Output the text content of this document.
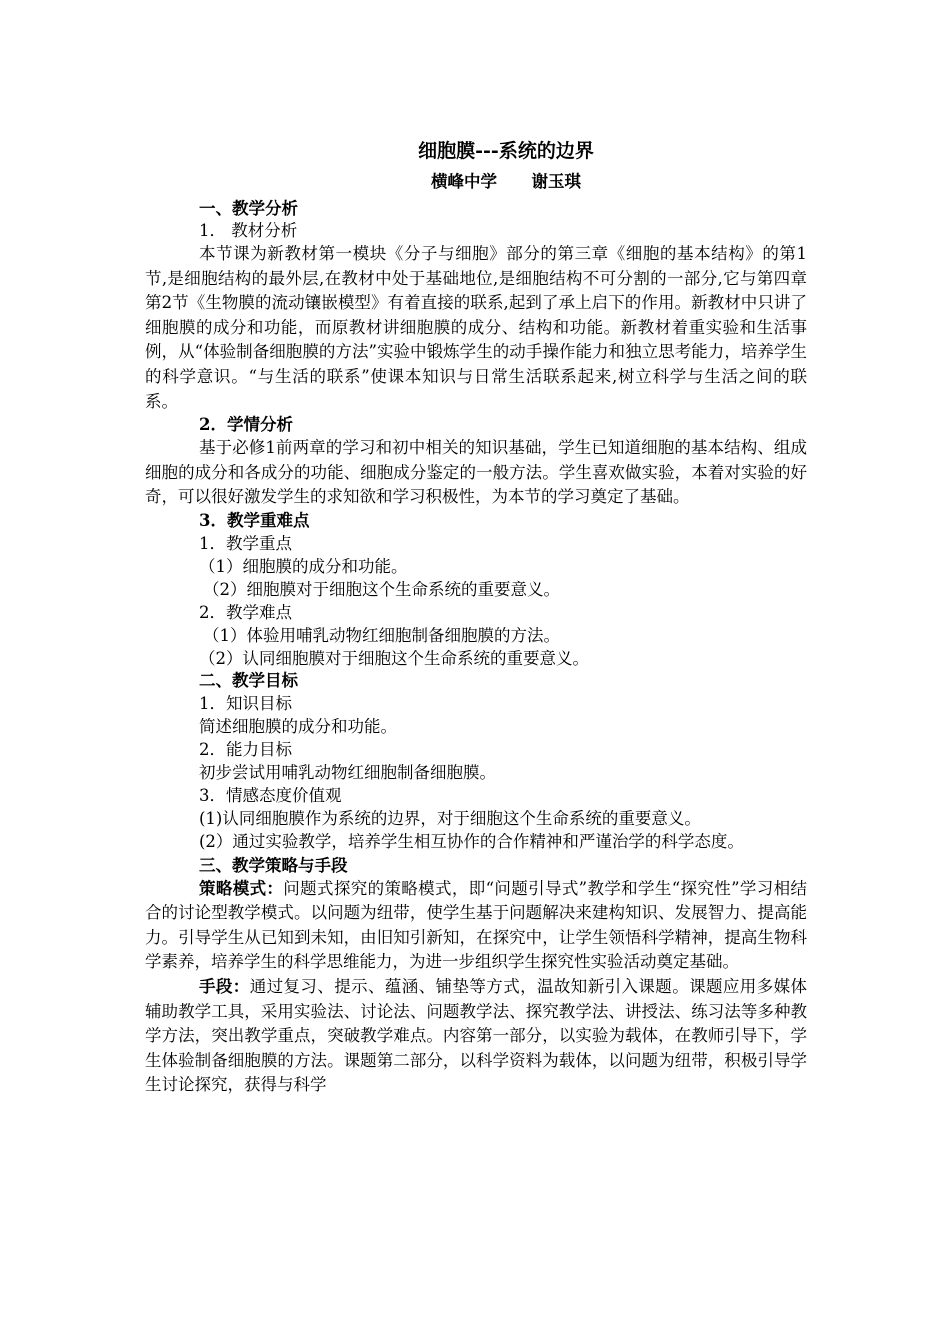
细胞膜---系统的边界
横峰中学      谢玉琪
一、教学分析
1． 教材分析
本节课为新教材第一模块《分子与细胞》部分的第三章《细胞的基本结构》的第1节,是细胞结构的最外层,在教材中处于基础地位,是细胞结构不可分割的一部分,它与第四章第2节《生物膜的流动镶嵌模型》有着直接的联系,起到了承上启下的作用。新教材中只讲了细胞膜的成分和功能，而原教材讲细胞膜的成分、结构和功能。新教材着重实验和生活事例，从“体验制备细胞膜的方法”实验中锻炼学生的动手操作能力和独立思考能力，培养学生的科学意识。“与生活的联系”使课本知识与日常生活联系起来,树立科学与生活之间的联系。
2．学情分析
基于必修1前两章的学习和初中相关的知识基础，学生已知道细胞的基本结构、组成细胞的成分和各成分的功能、细胞成分鉴定的一般方法。学生喜欢做实验，本着对实验的好奇，可以很好激发学生的求知欲和学习积极性，为本节的学习奠定了基础。
3．教学重难点
1．教学重点
（1）细胞膜的成分和功能。
（2）细胞膜对于细胞这个生命系统的重要意义。
2．教学难点
（1）体验用哺乳动物红细胞制备细胞膜的方法。
（2）认同细胞膜对于细胞这个生命系统的重要意义。
二、教学目标
1．知识目标
简述细胞膜的成分和功能。
2．能力目标
初步尝试用哺乳动物红细胞制备细胞膜。
3．情感态度价值观
(1)认同细胞膜作为系统的边界，对于细胞这个生命系统的重要意义。
(2）通过实验教学，培养学生相互协作的合作精神和严谨治学的科学态度。
三、教学策略与手段
策略模式：问题式探究的策略模式，即“问题引导式”教学和学生“探究性”学习相结合的讨论型教学模式。以问题为纽带，使学生基于问题解决来建构知识、发展智力、提高能力。引导学生从已知到未知，由旧知引新知，在探究中，让学生领悟科学精神，提高生物科学素养，培养学生的科学思维能力，为进一步组织学生探究性实验活动奠定基础。
手段：通过复习、提示、蕴涵、铺垫等方式，温故知新引入课题。课题应用多媒体辅助教学工具，采用实验法、讨论法、问题教学法、探究教学法、讲授法、练习法等多种教学方法，突出教学重点，突破教学难点。内容第一部分，以实验为载体，在教师引导下，学生体验制备细胞膜的方法。课题第二部分，以科学资料为载体，以问题为纽带，积极引导学生讨论探究，获得与科学
